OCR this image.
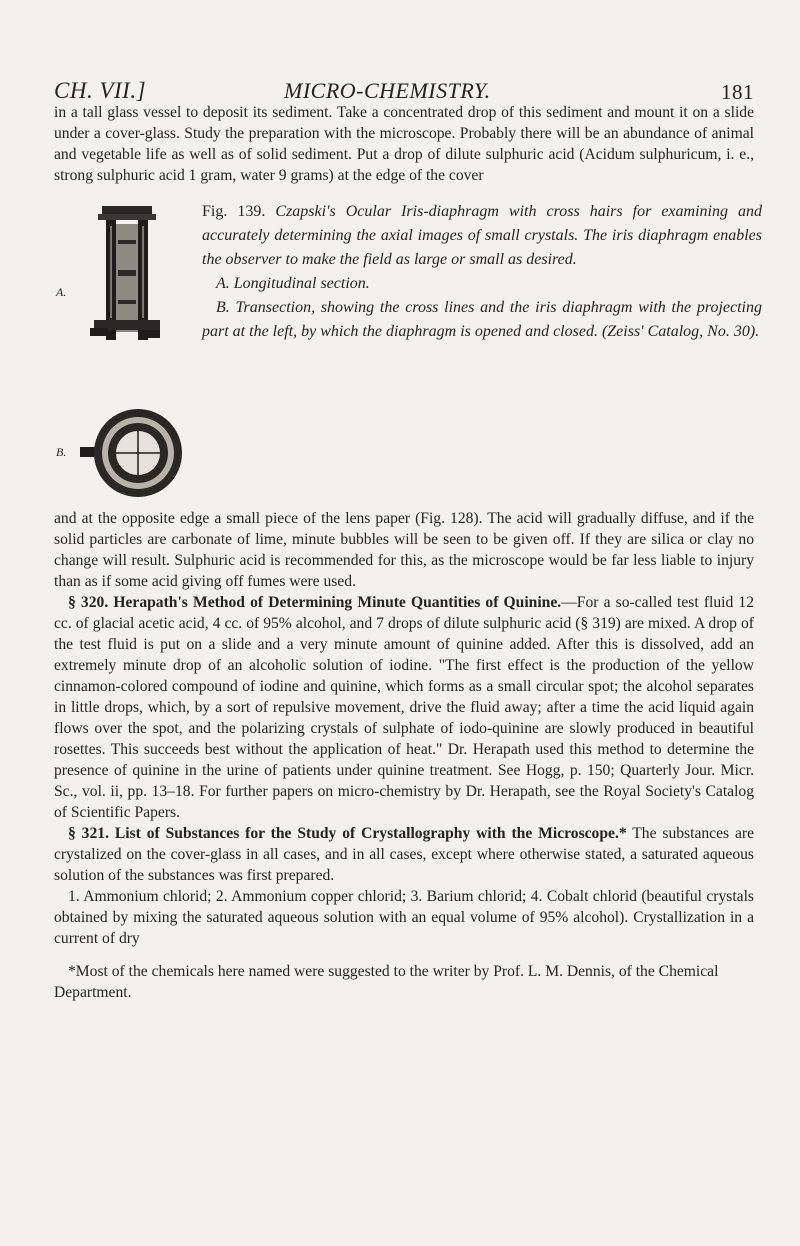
CH. VII.]	MICRO-CHEMISTRY.	181

in a tall glass vessel to deposit its sediment. Take a concentrated drop of this sediment and mount it on a slide under a cover-glass. Study the preparation with the microscope. Probably there will be an abundance of animal and vegetable life as well as of solid sediment. Put a drop of dilute sulphuric acid (Acidum sulphuricum, i. e., strong sulphuric acid 1 gram, water 9 grams) at the edge of the cover

A.
B.

Fig. 139. Czapski's Ocular Iris-diaphragm with cross hairs for examining and accurately determining the axial images of small crystals. The iris diaphragm enables the observer to make the field as large or small as desired.

A. Longitudinal section.

B. Transection, showing the cross lines and the iris diaphragm with the projecting part at the left, by which the diaphragm is opened and closed. (Zeiss' Catalog, No. 30).

and at the opposite edge a small piece of the lens paper (Fig. 128). The acid will gradually diffuse, and if the solid particles are carbonate of lime, minute bubbles will be seen to be given off. If they are silica or clay no change will result. Sulphuric acid is recommended for this, as the microscope would be far less liable to injury than as if some acid giving off fumes were used.

§ 320. Herapath's Method of Determining Minute Quantities of Quinine.—For a so-called test fluid 12 cc. of glacial acetic acid, 4 cc. of 95% alcohol, and 7 drops of dilute sulphuric acid (§ 319) are mixed. A drop of the test fluid is put on a slide and a very minute amount of quinine added. After this is dissolved, add an extremely minute drop of an alcoholic solution of iodine. "The first effect is the production of the yellow cinnamon-colored compound of iodine and quinine, which forms as a small circular spot; the alcohol separates in little drops, which, by a sort of repulsive movement, drive the fluid away; after a time the acid liquid again flows over the spot, and the polarizing crystals of sulphate of iodo-quinine are slowly produced in beautiful rosettes. This succeeds best without the application of heat." Dr. Herapath used this method to determine the presence of quinine in the urine of patients under quinine treatment. See Hogg, p. 150; Quarterly Jour. Micr. Sc., vol. ii, pp. 13–18. For further papers on micro-chemistry by Dr. Herapath, see the Royal Society's Catalog of Scientific Papers.

§ 321. List of Substances for the Study of Crystallography with the Microscope.* The substances are crystalized on the cover-glass in all cases, and in all cases, except where otherwise stated, a saturated aqueous solution of the substances was first prepared.

1. Ammonium chlorid; 2. Ammonium copper chlorid; 3. Barium chlorid; 4. Cobalt chlorid (beautiful crystals obtained by mixing the saturated aqueous solution with an equal volume of 95% alcohol). Crystallization in a current of dry

*Most of the chemicals here named were suggested to the writer by Prof. L. M. Dennis, of the Chemical Department.
